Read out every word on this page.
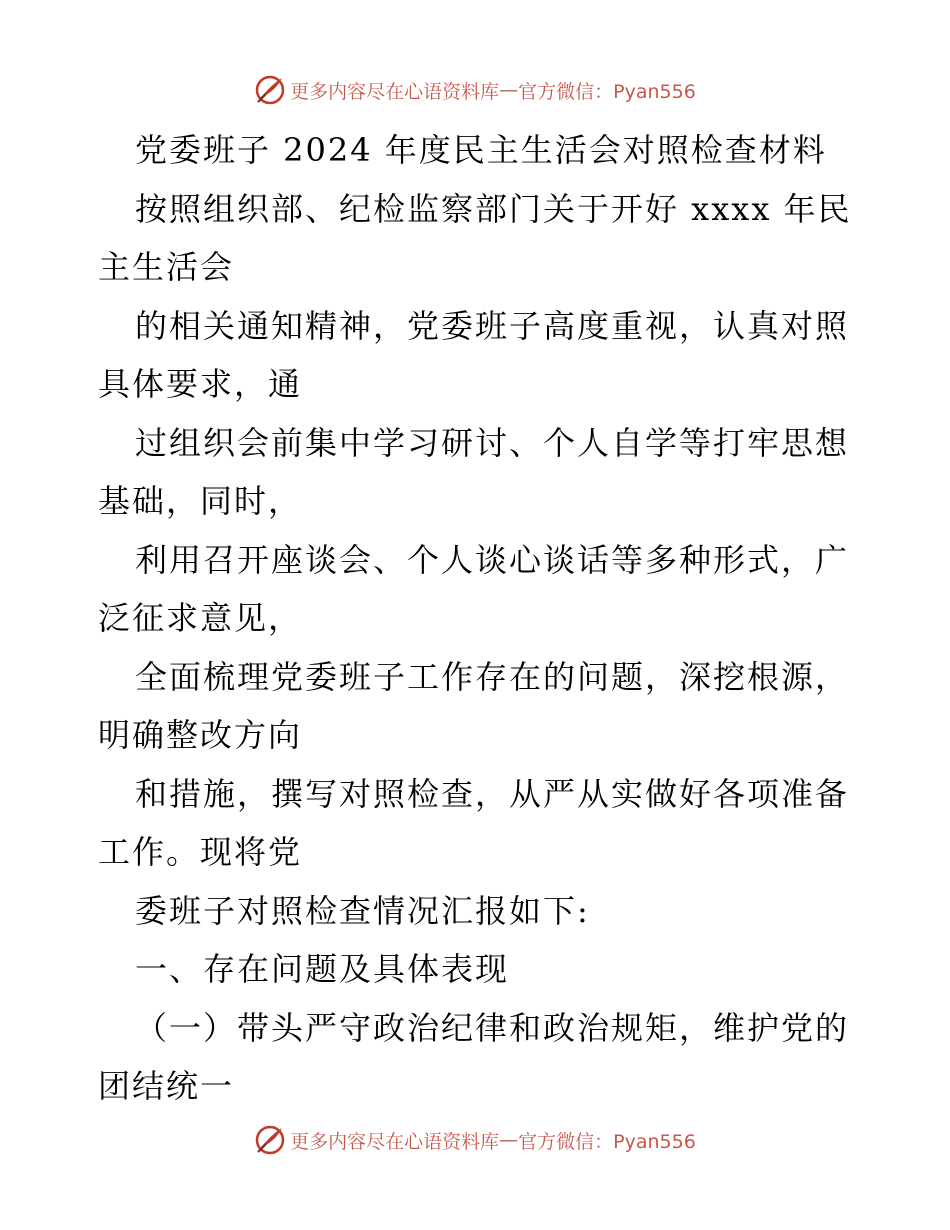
更多内容尽在心语资料库 — 官方微信：Pyan556
党委班子 2024 年度民主生活会对照检查材料
按照组织部、纪检监察部门关于开好 xxxx 年民
主生活会
的相关通知精神，党委班子高度重视，认真对照
具体要求，通
过组织会前集中学习研讨、个人自学等打牢思想
基础，同时，
利用召开座谈会、个人谈心谈话等多种形式，广
泛征求意见，
全面梳理党委班子工作存在的问题，深挖根源，
明确整改方向
和措施，撰写对照检查，从严从实做好各项准备
工作。现将党
委班子对照检查情况汇报如下:
一、存在问题及具体表现
（一）带头严守政治纪律和政治规矩，维护党的
团结统一
更多内容尽在心语资料库 — 官方微信：Pyan556
